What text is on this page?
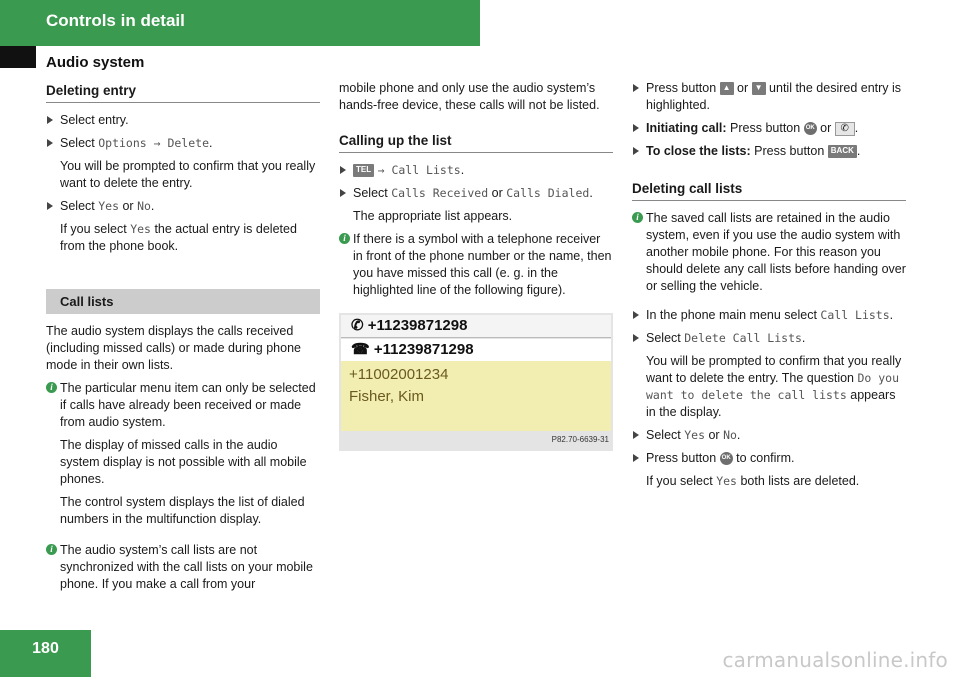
Controls in detail
Audio system
Deleting entry
Select entry.
Select Options → Delete.
You will be prompted to confirm that you really want to delete the entry.
Select Yes or No.
If you select Yes the actual entry is deleted from the phone book.
Call lists
The audio system displays the calls received (including missed calls) or made during phone mode in their own lists.
i The particular menu item can only be selected if calls have already been received or made from audio system.
The display of missed calls in the audio system display is not possible with all mobile phones.
The control system displays the list of dialed numbers in the multifunction display.
i The audio system’s call lists are not synchronized with the call lists on your mobile phone. If you make a call from your
mobile phone and only use the audio system’s hands-free device, these calls will not be listed.
Calling up the list
TEL → Call Lists.
Select Calls Received or Calls Dialed.
The appropriate list appears.
i If there is a symbol with a telephone receiver in front of the phone number or the name, then you have missed this call (e. g. in the highlighted line of the following figure).
✆ +11239871298
☎ +11239871298
+11002001234
Fisher, Kim
P82.70-6639-31
Press button ▲ or ▼ until the desired entry is highlighted.
Initiating call: Press button OK or ✆ .
To close the lists: Press button BACK .
Deleting call lists
i The saved call lists are retained in the audio system, even if you use the audio system with another mobile phone. For this reason you should delete any call lists before handing over or selling the vehicle.
In the phone main menu select Call Lists.
Select Delete Call Lists.
You will be prompted to confirm that you really want to delete the entry. The question Do you want to delete the call lists appears in the display.
Select Yes or No.
Press button OK to confirm.
If you select Yes both lists are deleted.
180	carmanualsonline.info
